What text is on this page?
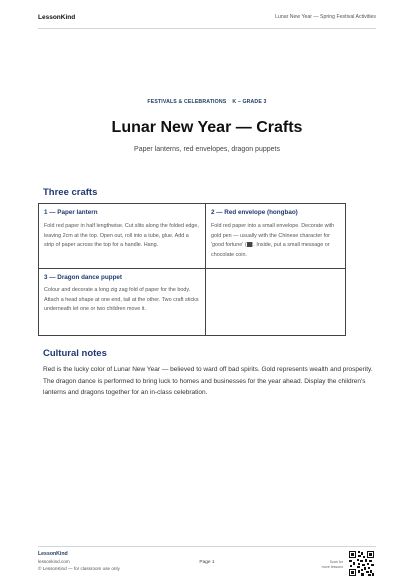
LessonKind	Lunar New Year — Spring Festival Activities
FESTIVALS & CELEBRATIONS K – GRADE 3
Lunar New Year — Crafts
Paper lanterns, red envelopes, dragon puppets
Three crafts
1 — Paper lantern
Fold red paper in half lengthwise. Cut slits along the folded edge, leaving 2cm at the top. Open out, roll into a tube, glue. Add a strip of paper across the top for a handle. Hang.
2 — Red envelope (hongbao)
Fold red paper into a small envelope. Decorate with gold pen — usually with the Chinese character for 'good fortune' ( ). Inside, put a small message or chocolate coin.
3 — Dragon dance puppet
Colour and decorate a long zig zag fold of paper for the body. Attach a head shape at one end, tail at the other. Two craft sticks underneath let one or two children move it.
Cultural notes
Red is the lucky color of Lunar New Year — believed to ward off bad spirits. Gold represents wealth and prosperity. The dragon dance is performed to bring luck to homes and businesses for the year ahead. Display the children's lanterns and dragons together for an in-class celebration.
LessonKind
lessonkind.com
© LessonKind — for classroom use only
Page 1	Scan for
more lessons
